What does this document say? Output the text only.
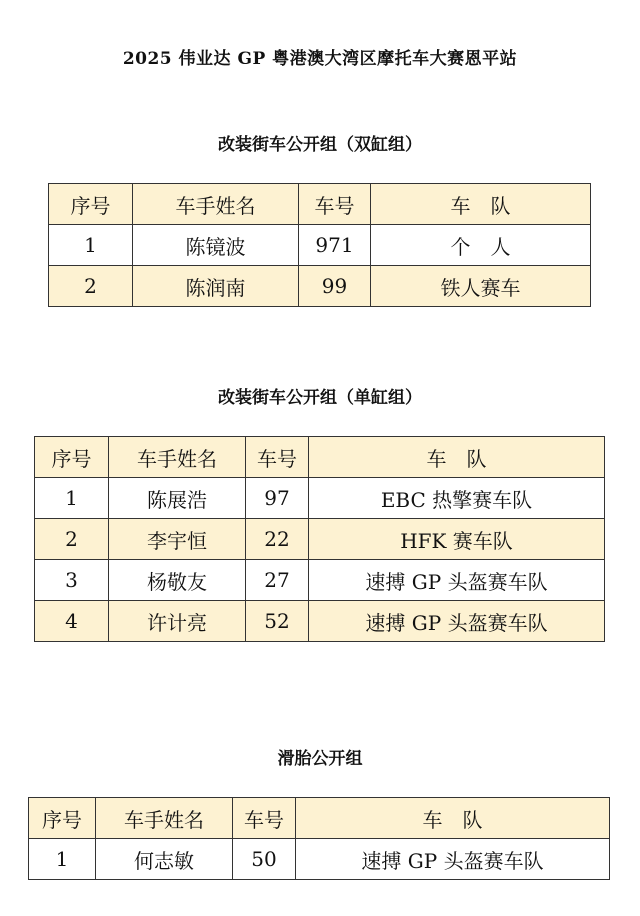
2025 伟业达 GP 粤港澳大湾区摩托车大赛恩平站
改装街车公开组（双缸组）
序号	车手姓名	车号	车　队
1	陈镜波	971	个　人
2	陈润南	99	铁人赛车
改装街车公开组（单缸组）
序号	车手姓名	车号	车　队
1	陈展浩	97	EBC 热擎赛车队
2	李宇恒	22	HFK 赛车队
3	杨敬友	27	速搏 GP 头盔赛车队
4	许计亮	52	速搏 GP 头盔赛车队
滑胎公开组
序号	车手姓名	车号	车　队
1	何志敏	50	速搏 GP 头盔赛车队
